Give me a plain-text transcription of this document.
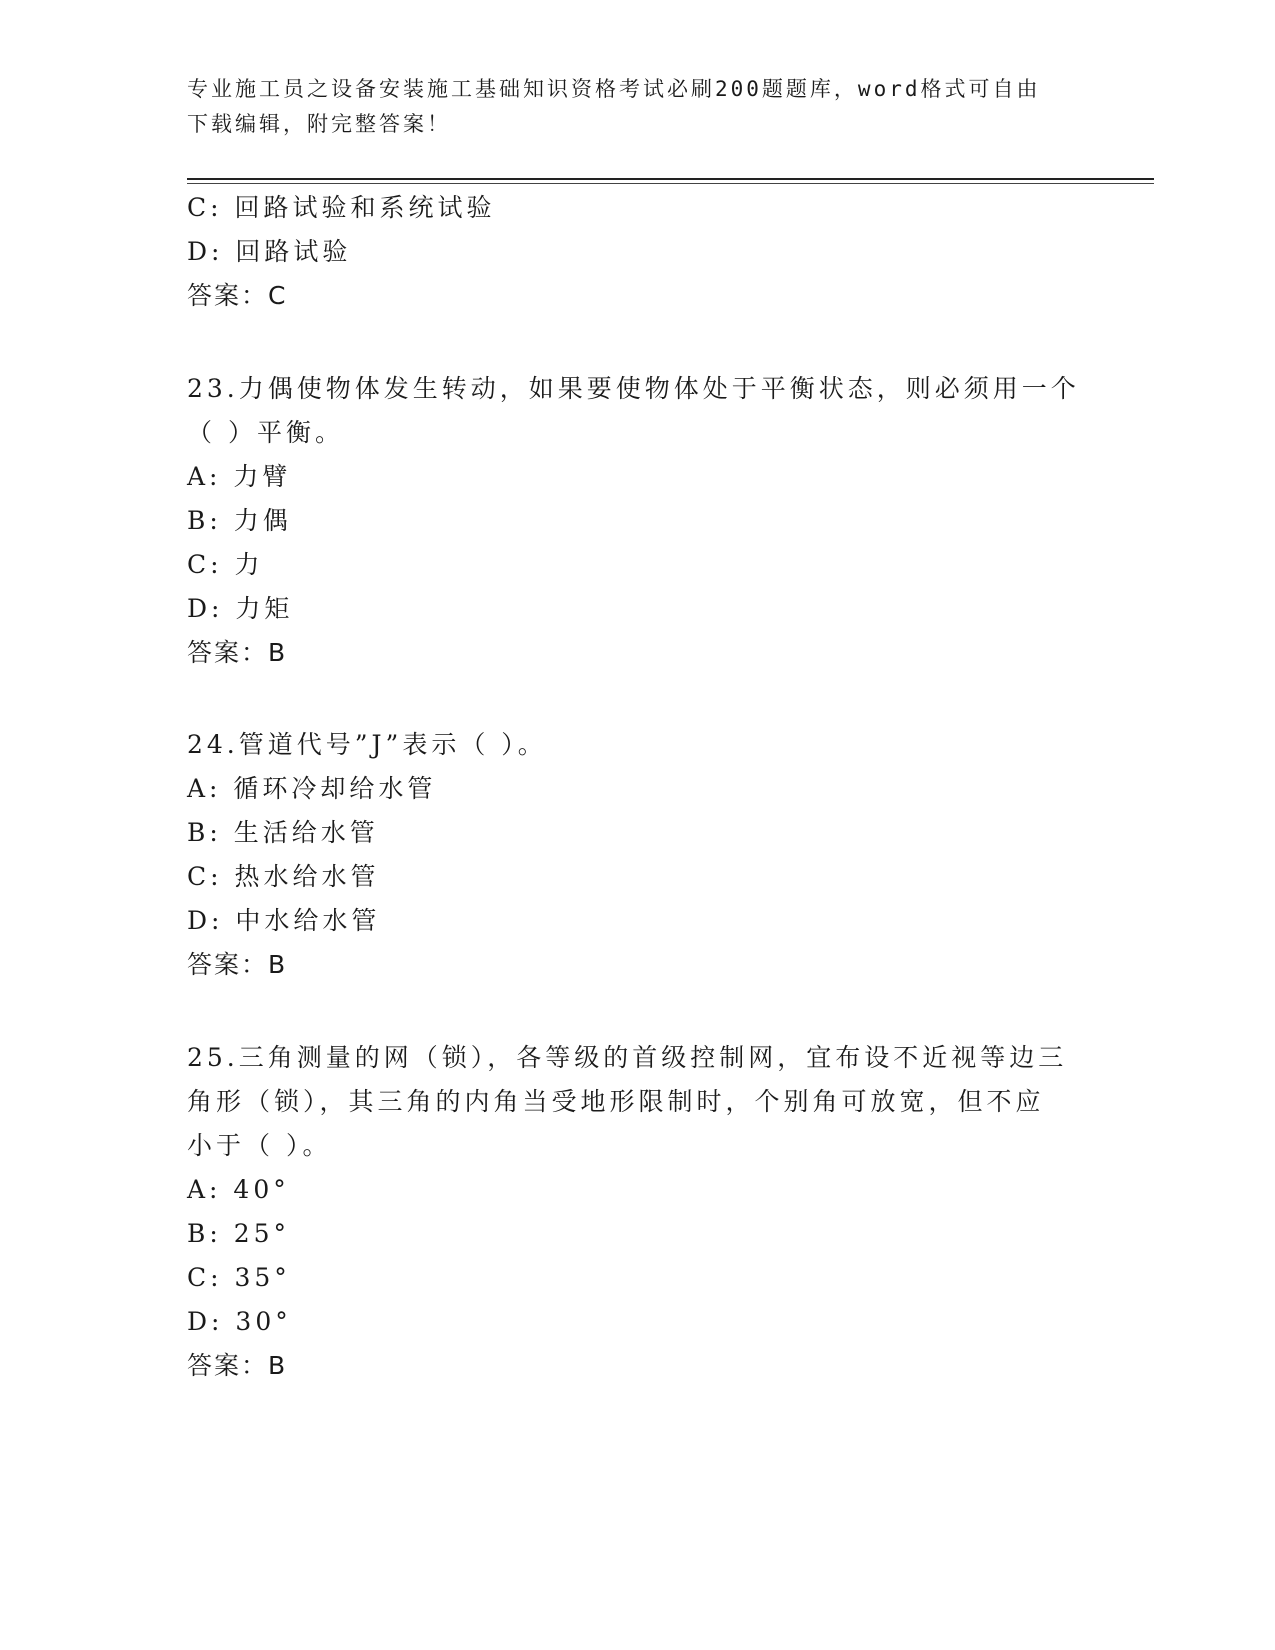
专业施工员之设备安装施工基础知识资格考试必刷200题题库，word格式可自由
下载编辑，附完整答案！
C: 回路试验和系统试验
D: 回路试验
答案：C
23.力偶使物体发生转动，如果要使物体处于平衡状态，则必须用一个
（ ）平衡。
A: 力臂
B: 力偶
C: 力
D: 力矩
答案：B
24.管道代号”J”表示（ ）。
A: 循环冷却给水管
B: 生活给水管
C: 热水给水管
D: 中水给水管
答案：B
25.三角测量的网（锁），各等级的首级控制网，宜布设不近视等边三
角形（锁），其三角的内角当受地形限制时，个别角可放宽，但不应
小于（ ）。
A: 40°
B: 25°
C: 35°
D: 30°
答案：B
